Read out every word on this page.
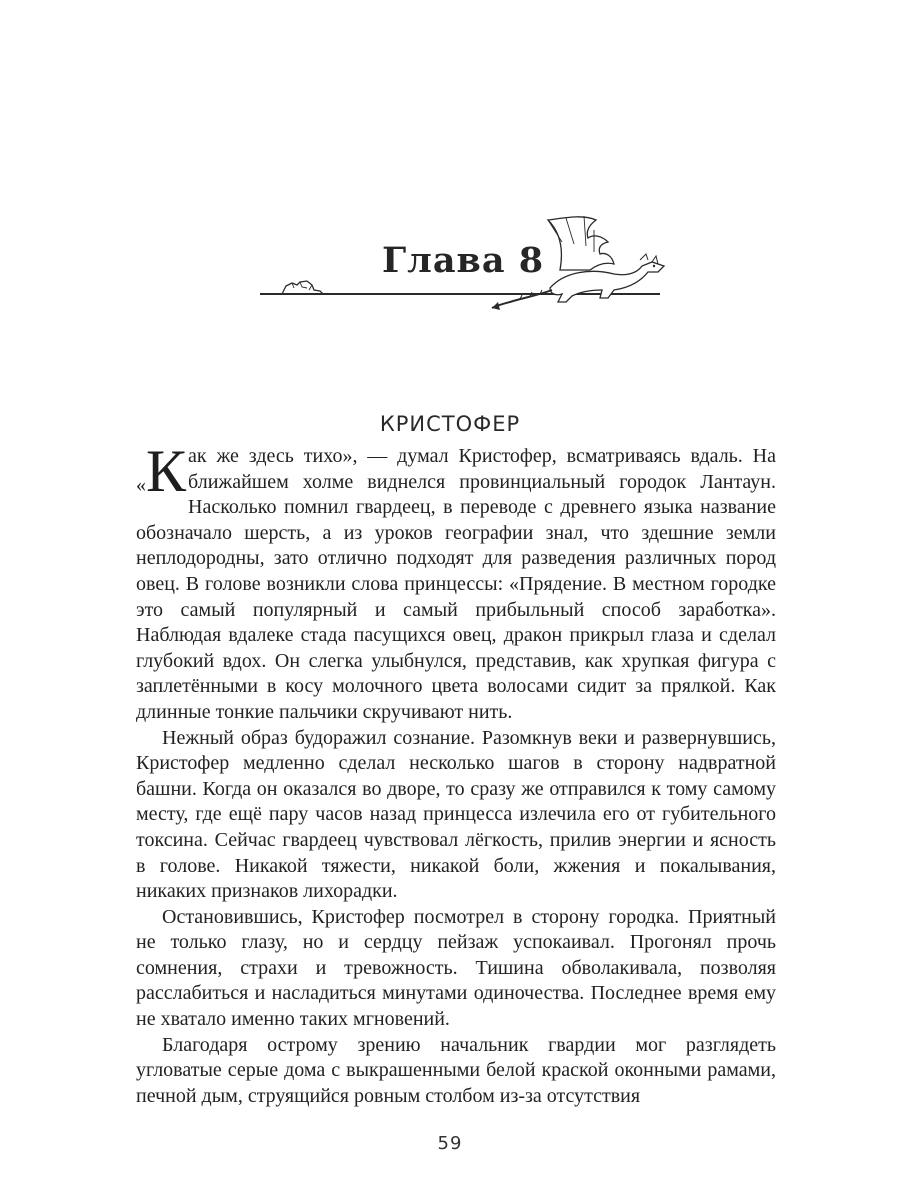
Глава 8
КРИСТОФЕР

«К ак же здесь тихо», — думал Кристофер, всматриваясь вдаль. На ближайшем холме виднелся провинциальный городок Лантаун. Насколько помнил гвардеец, в переводе с древнего языка название обозначало шерсть, а из уроков географии знал, что здешние земли неплодородны, зато отлично подходят для разведения различных пород овец. В голове возникли слова принцессы: «Прядение. В местном городке это самый популярный и самый прибыльный способ заработка». Наблюдая вдалеке стада пасущихся овец, дракон прикрыл глаза и сделал глубокий вдох. Он слегка улыбнулся, представив, как хрупкая фигура с заплетёнными в косу молочного цвета волосами сидит за прялкой. Как длинные тонкие пальчики скручивают нить.

Нежный образ будоражил сознание. Разомкнув веки и развернувшись, Кристофер медленно сделал несколько шагов в сторону надвратной башни. Когда он оказался во дворе, то сразу же отправился к тому самому месту, где ещё пару часов назад принцесса излечила его от губительного токсина. Сейчас гвардеец чувствовал лёгкость, прилив энергии и ясность в голове. Никакой тяжести, никакой боли, жжения и покалывания, никаких признаков лихорадки.

Остановившись, Кристофер посмотрел в сторону городка. Приятный не только глазу, но и сердцу пейзаж успокаивал. Прогонял прочь сомнения, страхи и тревожность. Тишина обволакивала, позволяя расслабиться и насладиться минутами одиночества. Последнее время ему не хватало именно таких мгновений.

Благодаря острому зрению начальник гвардии мог разглядеть угловатые серые дома с выкрашенными белой краской оконными рамами, печной дым, струящийся ровным столбом из-за отсутствия

59
